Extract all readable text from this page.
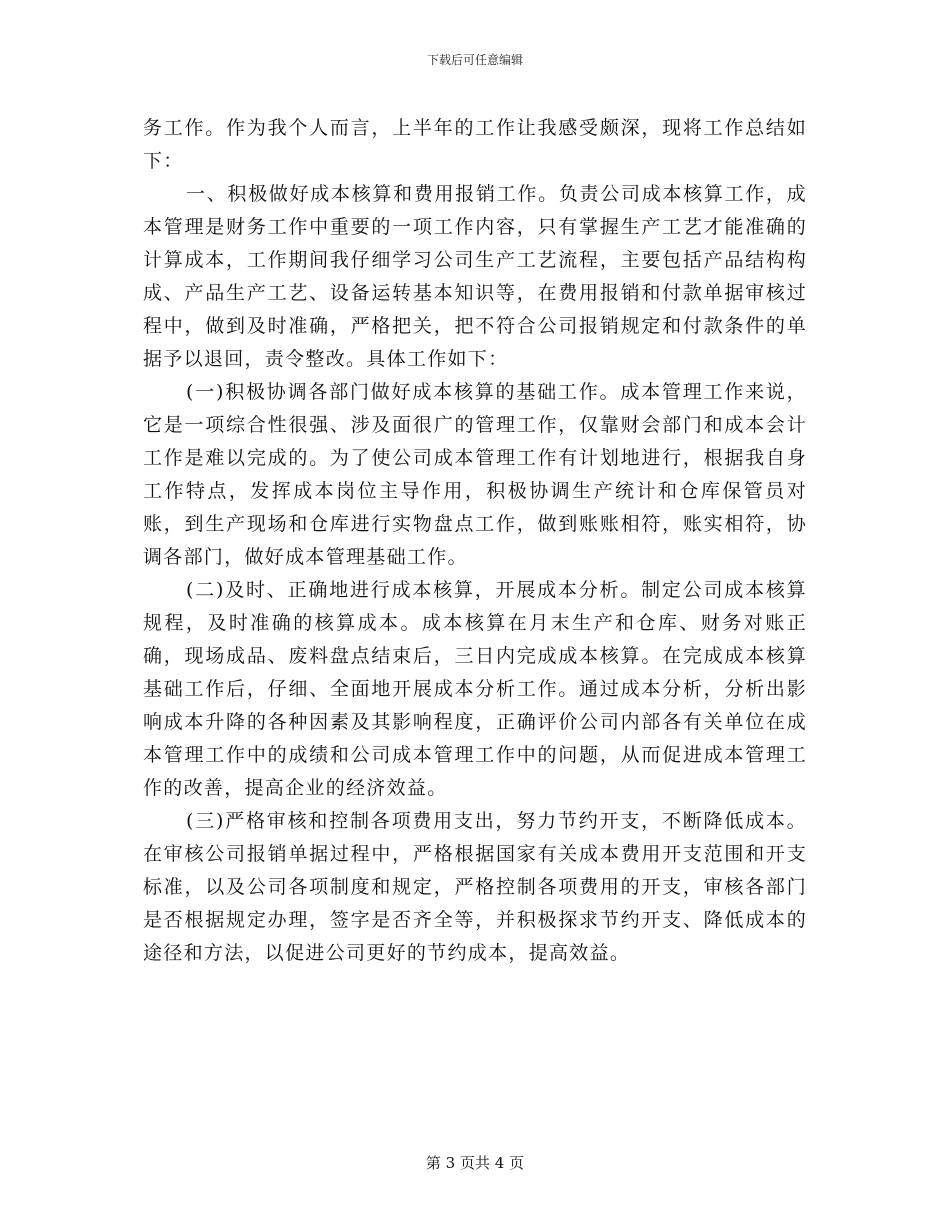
下载后可任意编辑

务工作。作为我个人而言，上半年的工作让我感受颇深，现将工作总结如下：

一、积极做好成本核算和费用报销工作。负责公司成本核算工作，成本管理是财务工作中重要的一项工作内容，只有掌握生产工艺才能准确的计算成本，工作期间我仔细学习公司生产工艺流程，主要包括产品结构构成、产品生产工艺、设备运转基本知识等，在费用报销和付款单据审核过程中，做到及时准确，严格把关，把不符合公司报销规定和付款条件的单据予以退回，责令整改。具体工作如下：

(一)积极协调各部门做好成本核算的基础工作。成本管理工作来说，它是一项综合性很强、涉及面很广的管理工作，仅靠财会部门和成本会计工作是难以完成的。为了使公司成本管理工作有计划地进行，根据我自身工作特点，发挥成本岗位主导作用，积极协调生产统计和仓库保管员对账，到生产现场和仓库进行实物盘点工作，做到账账相符，账实相符，协调各部门，做好成本管理基础工作。

(二)及时、正确地进行成本核算，开展成本分析。制定公司成本核算规程，及时准确的核算成本。成本核算在月末生产和仓库、财务对账正确，现场成品、废料盘点结束后，三日内完成成本核算。在完成成本核算基础工作后，仔细、全面地开展成本分析工作。通过成本分析，分析出影响成本升降的各种因素及其影响程度，正确评价公司内部各有关单位在成本管理工作中的成绩和公司成本管理工作中的问题，从而促进成本管理工作的改善，提高企业的经济效益。

(三)严格审核和控制各项费用支出，努力节约开支，不断降低成本。在审核公司报销单据过程中，严格根据国家有关成本费用开支范围和开支标准，以及公司各项制度和规定，严格控制各项费用的开支，审核各部门是否根据规定办理，签字是否齐全等，并积极探求节约开支、降低成本的途径和方法，以促进公司更好的节约成本，提高效益。

第 3 页共 4 页
